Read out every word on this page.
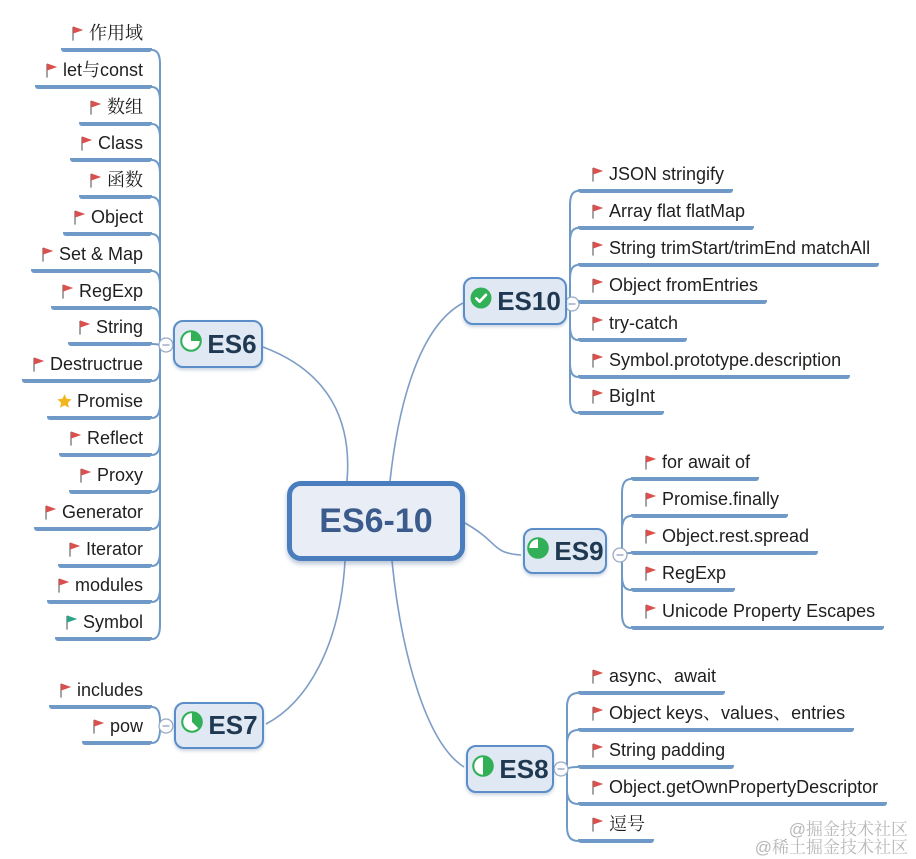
ES6-10
ES6
ES7
ES10
ES9
ES8
@掘金技术社区
@稀土掘金技术社区
作用域
let与const
数组
Class
函数
Object
Set & Map
RegExp
String
Destructrue
Promise
Reflect
Proxy
Generator
Iterator
modules
Symbol
includes
pow
JSON stringify
Array flat flatMap
String trimStart/trimEnd matchAll
Object fromEntries
try-catch
Symbol.prototype.description
BigInt
for await of
Promise.finally
Object.rest.spread
RegExp
Unicode Property Escapes
async、await
Object keys、values、entries
String padding
Object.getOwnPropertyDescriptor
逗号
